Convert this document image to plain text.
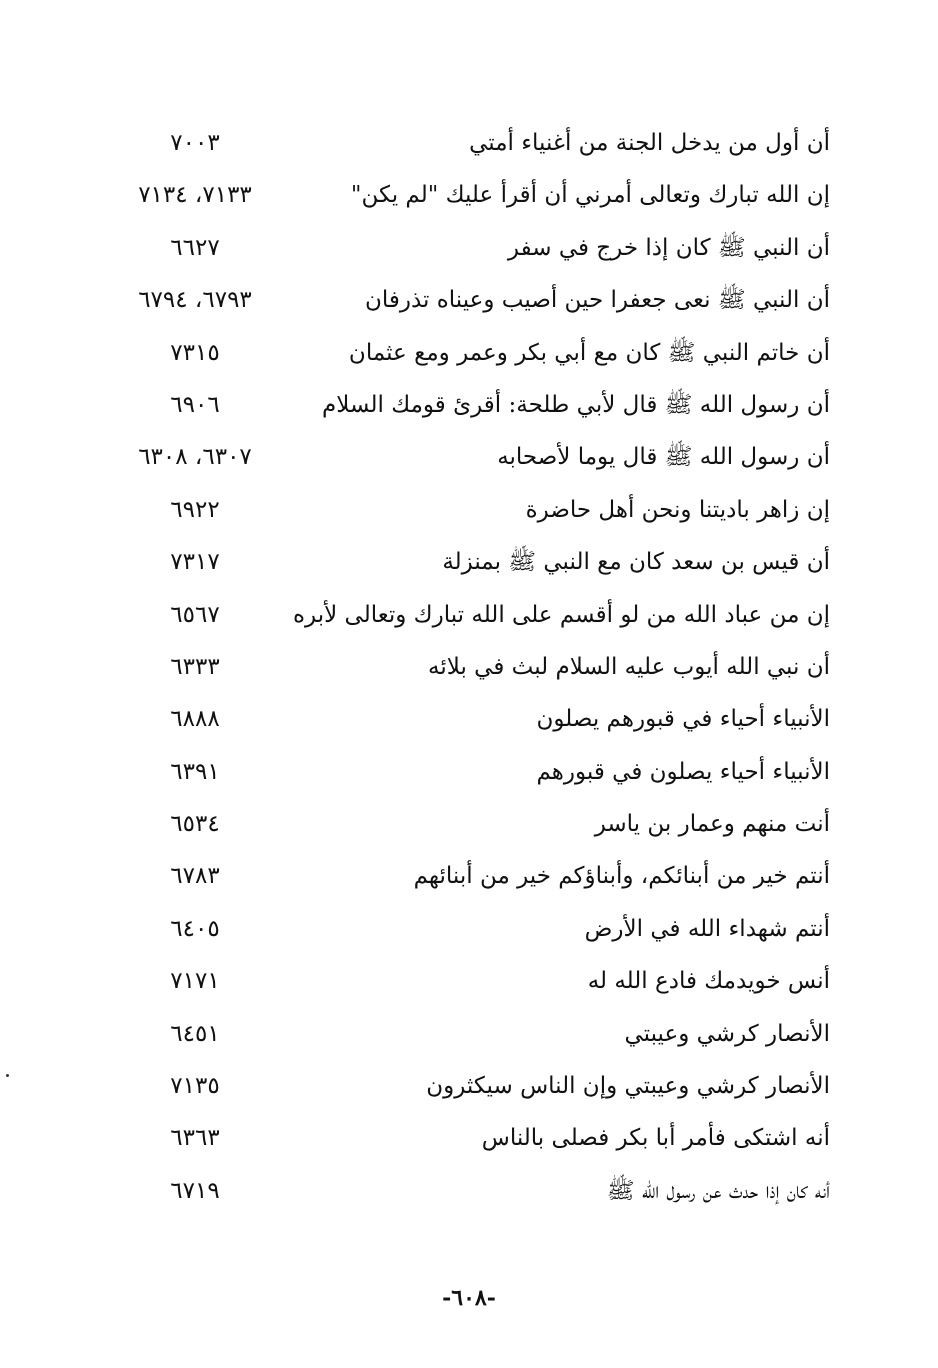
أن أول من يدخل الجنة من أغنياء أمتي
٧٠٠٣
إن الله تبارك وتعالى أمرني أن أقرأ عليك "لم يكن"
٧١٣٣، ٧١٣٤
أن النبي ﷺ كان إذا خرج في سفر
٦٦٢٧
أن النبي ﷺ نعى جعفرا حين أصيب وعيناه تذرفان
٦٧٩٣، ٦٧٩٤
أن خاتم النبي ﷺ كان مع أبي بكر وعمر ومع عثمان
٧٣١٥
أن رسول الله ﷺ قال لأبي طلحة: أقرئ قومك السلام
٦٩٠٦
أن رسول الله ﷺ قال يوما لأصحابه
٦٣٠٧، ٦٣٠٨
إن زاهر باديتنا ونحن أهل حاضرة
٦٩٢٢
أن قيس بن سعد كان مع النبي ﷺ بمنزلة
٧٣١٧
إن من عباد الله من لو أقسم على الله تبارك وتعالى لأبره
٦٥٦٧
أن نبي الله أيوب عليه السلام لبث في بلائه
٦٣٣٣
الأنبياء أحياء في قبورهم يصلون
٦٨٨٨
الأنبياء أحياء يصلون في قبورهم
٦٣٩١
أنت منهم وعمار بن ياسر
٦٥٣٤
أنتم خير من أبنائكم، وأبناؤكم خير من أبنائهم
٦٧٨٣
أنتم شهداء الله في الأرض
٦٤٠٥
أنس خويدمك فادع الله له
٧١٧١
الأنصار كرشي وعيبتي
٦٤٥١
الأنصار كرشي وعيبتي وإن الناس سيكثرون
٧١٣٥
أنه اشتكى فأمر أبا بكر فصلى بالناس
٦٣٦٣
أنه كان إذا حدث عن رسول الله ﷺ
٦٧١٩
-٦٠٨-
